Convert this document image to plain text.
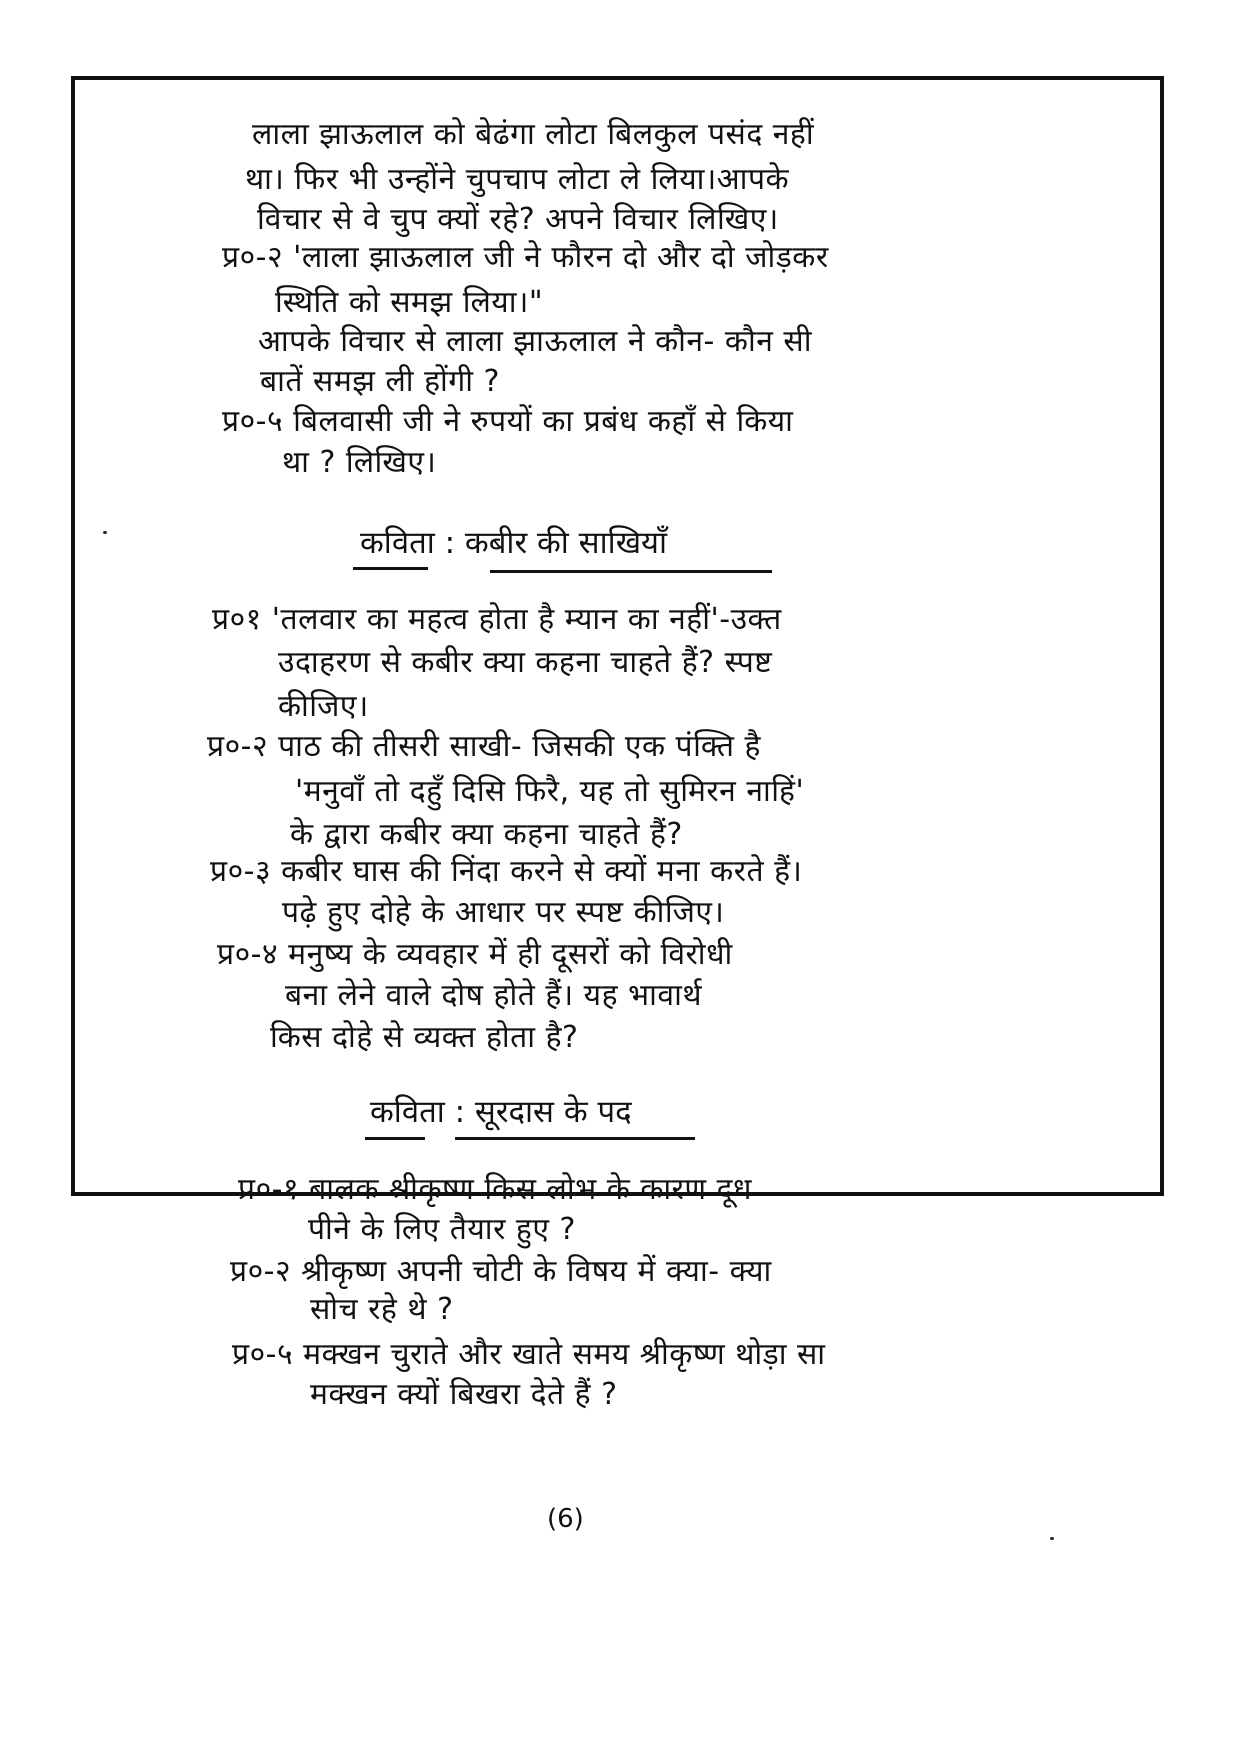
लाला झाऊलाल को बेढंगा लोटा बिलकुल पसंद नहीं
था। फिर भी उन्होंने चुपचाप लोटा ले लिया।आपके
विचार से वे चुप क्यों रहे? अपने विचार लिखिए।
प्र०-२ 'लाला झाऊलाल जी ने फौरन दो और दो जोड़कर
स्थिति को समझ लिया।"
आपके विचार से लाला झाऊलाल ने कौन- कौन सी
बातें समझ ली होंगी ?
प्र०-५ बिलवासी जी ने रुपयों का प्रबंध कहाँ से किया
था ? लिखिए।
कविता : कबीर की साखियाँ
प्र०१ 'तलवार का महत्व होता है म्यान का नहीं'-उक्त
उदाहरण से कबीर क्या कहना चाहते हैं? स्पष्ट
कीजिए।
प्र०-२ पाठ की तीसरी साखी- जिसकी एक पंक्ति है
'मनुवाँ तो दहुँ दिसि फिरै, यह तो सुमिरन नाहिं'
के द्वारा कबीर क्या कहना चाहते हैं?
प्र०-३ कबीर घास की निंदा करने से क्यों मना करते हैं।
पढ़े हुए दोहे के आधार पर स्पष्ट कीजिए।
प्र०-४ मनुष्य के व्यवहार में ही दूसरों को विरोधी
बना लेने वाले दोष होते हैं। यह भावार्थ
किस दोहे से व्यक्त होता है?
कविता : सूरदास के पद
प्र०-१ बालक श्रीकृष्ण किस लोभ के कारण दूध
पीने के लिए तैयार हुए ?
प्र०-२ श्रीकृष्ण अपनी चोटी के विषय में क्या- क्या
सोच रहे थे ?
प्र०-५ मक्खन चुराते और खाते समय श्रीकृष्ण थोड़ा सा
मक्खन क्यों बिखरा देते हैं ?
(6)
